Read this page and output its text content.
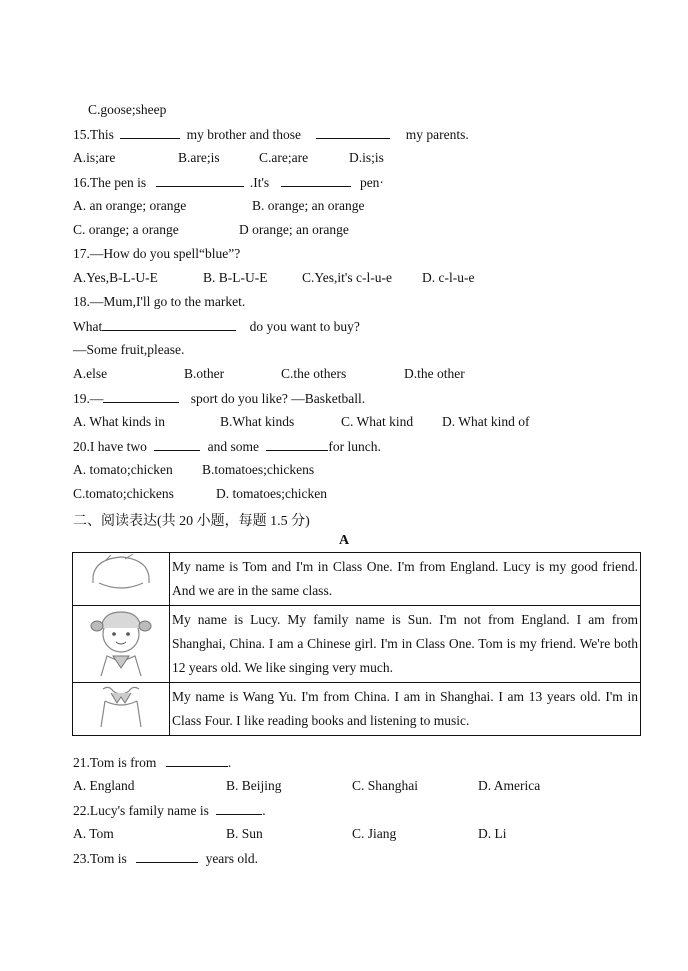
C.goose;sheep
15.This	my brother and those	my parents.
A.is;are	B.are;is	C.are;are	D.is;is
16.The pen is	.It's	pen·
A. an orange; orange	B. orange; an orange
C. orange; a orange	D orange; an orange
17.—How do you spell“blue”?
A.Yes,B-L-U-E	B. B-L-U-E	C.Yes,it's c-l-u-e D. c-l-u-e
18.—Mum,I'll go to the market.
What	do you want to buy?
—Some fruit,please.
A.else	B.other	C.the others	D.the other
19.—	sport do you like? —Basketball.
A. What kinds in	B.What kinds	C. What kind D. What kind of
20.I have two	and some	for lunch.
A. tomato;chicken B.tomatoes;chickens
C.tomato;chickens	D. tomatoes;chicken
二、阅读表达(共 20 小题，每题 1.5 分)
A
	My name is Tom and I'm in Class One. I'm from England. Lucy is my good friend. And we are in the same class.

	My name is Lucy. My family name is Sun. I'm not from England. I am from Shanghai, China. I am a Chinese girl. I'm in Class One. Tom is my friend. We're both 12 years old. We like singing very much.

	My name is Wang Yu. I'm from China. I am in Shanghai. I am 13 years old. I'm in Class Four. I like reading books and listening to music.
21.Tom is from	.
A. England	B. Beijing	C. Shanghai	D. America
22.Lucy's family name is	.
A. Tom	B. Sun	C. Jiang	D. Li
23.Tom is	years old.
